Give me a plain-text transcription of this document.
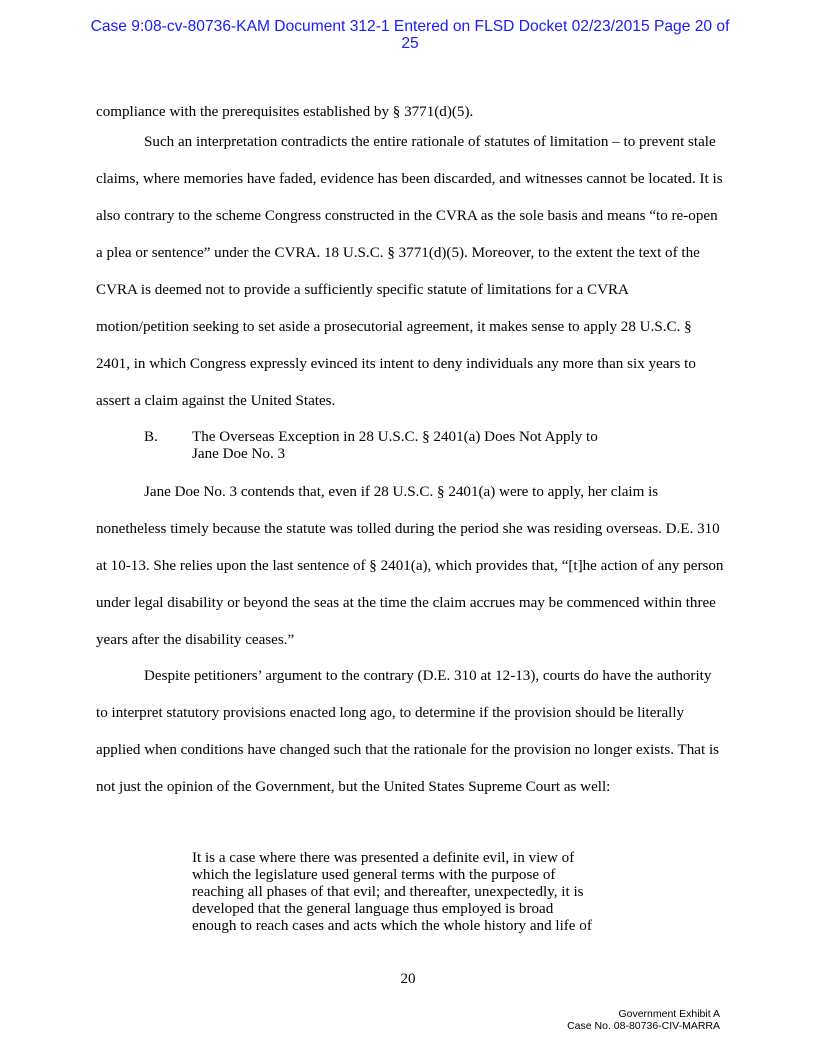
Case 9:08-cv-80736-KAM Document 312-1 Entered on FLSD Docket 02/23/2015 Page 20 of
25

compliance with the prerequisites established by § 3771(d)(5).

Such an interpretation contradicts the entire rationale of statutes of limitation – to prevent stale claims, where memories have faded, evidence has been discarded, and witnesses cannot be located. It is also contrary to the scheme Congress constructed in the CVRA as the sole basis and means “to re-open a plea or sentence” under the CVRA. 18 U.S.C. § 3771(d)(5). Moreover, to the extent the text of the CVRA is deemed not to provide a sufficiently specific statute of limitations for a CVRA motion/petition seeking to set aside a prosecutorial agreement, it makes sense to apply 28 U.S.C. § 2401, in which Congress expressly evinced its intent to deny individuals any more than six years to assert a claim against the United States.

B. The Overseas Exception in 28 U.S.C. § 2401(a) Does Not Apply to
Jane Doe No. 3

Jane Doe No. 3 contends that, even if 28 U.S.C. § 2401(a) were to apply, her claim is nonetheless timely because the statute was tolled during the period she was residing overseas. D.E. 310 at 10-13. She relies upon the last sentence of § 2401(a), which provides that, “[t]he action of any person under legal disability or beyond the seas at the time the claim accrues may be commenced within three years after the disability ceases.”

Despite petitioners’ argument to the contrary (D.E. 310 at 12-13), courts do have the authority to interpret statutory provisions enacted long ago, to determine if the provision should be literally applied when conditions have changed such that the rationale for the provision no longer exists. That is not just the opinion of the Government, but the United States Supreme Court as well:

It is a case where there was presented a definite evil, in view of
which the legislature used general terms with the purpose of
reaching all phases of that evil; and thereafter, unexpectedly, it is
developed that the general language thus employed is broad
enough to reach cases and acts which the whole history and life of
20
Government Exhibit A
Case No. 08-80736-CIV-MARRA
